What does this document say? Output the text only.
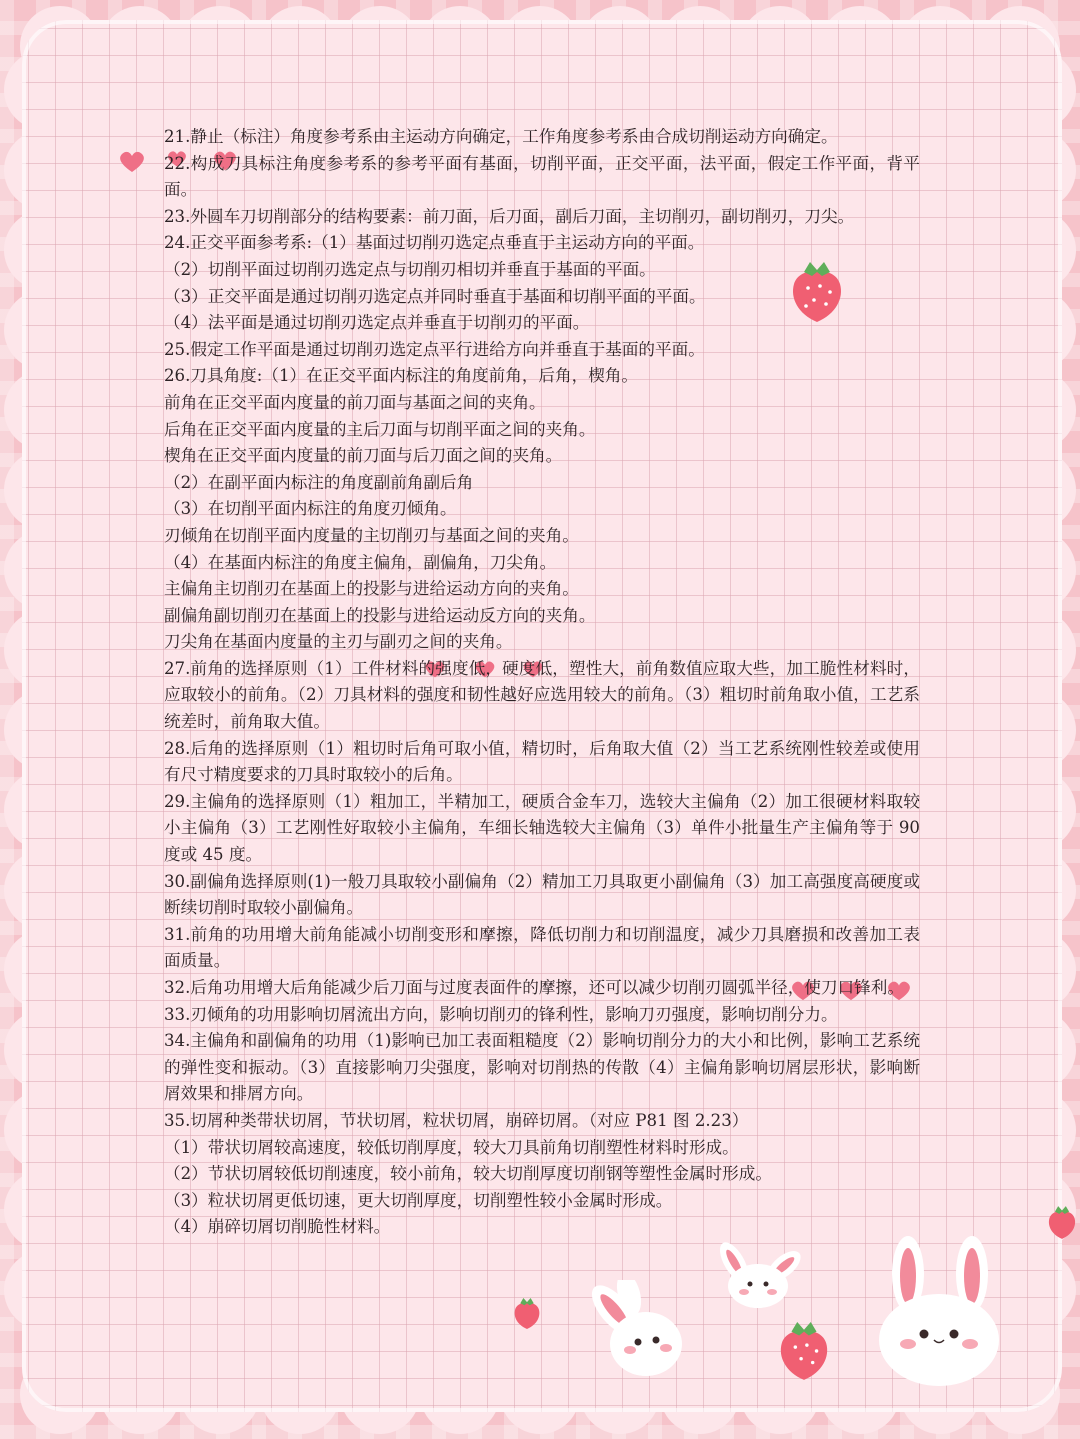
21.静止（标注）角度参考系由主运动方向确定，工作角度参考系由合成切削运动方向确定。

22.构成刀具标注角度参考系的参考平面有基面，切削平面，正交平面，法平面，假定工作平面，背平面。

23.外圆车刀切削部分的结构要素：前刀面，后刀面，副后刀面，主切削刃，副切削刃，刀尖。

24.正交平面参考系:（1）基面过切削刃选定点垂直于主运动方向的平面。

（2）切削平面过切削刃选定点与切削刃相切并垂直于基面的平面。

（3）正交平面是通过切削刃选定点并同时垂直于基面和切削平面的平面。

（4）法平面是通过切削刃选定点并垂直于切削刃的平面。

25.假定工作平面是通过切削刃选定点平行进给方向并垂直于基面的平面。

26.刀具角度:（1）在正交平面内标注的角度前角，后角，楔角。

前角在正交平面内度量的前刀面与基面之间的夹角。

后角在正交平面内度量的主后刀面与切削平面之间的夹角。

楔角在正交平面内度量的前刀面与后刀面之间的夹角。

（2）在副平面内标注的角度副前角副后角

（3）在切削平面内标注的角度刃倾角。

刃倾角在切削平面内度量的主切削刃与基面之间的夹角。

（4）在基面内标注的角度主偏角，副偏角，刀尖角。

主偏角主切削刃在基面上的投影与进给运动方向的夹角。

副偏角副切削刃在基面上的投影与进给运动反方向的夹角。

刀尖角在基面内度量的主刃与副刃之间的夹角。

27.前角的选择原则（1）工件材料的强度低，硬度低，塑性大，前角数值应取大些，加工脆性材料时，应取较小的前角。（2）刀具材料的强度和韧性越好应选用较大的前角。（3）粗切时前角取小值，工艺系统差时，前角取大值。

28.后角的选择原则（1）粗切时后角可取小值，精切时，后角取大值（2）当工艺系统刚性较差或使用有尺寸精度要求的刀具时取较小的后角。

29.主偏角的选择原则（1）粗加工，半精加工，硬质合金车刀，选较大主偏角（2）加工很硬材料取较小主偏角（3）工艺刚性好取较小主偏角，车细长轴选较大主偏角（3）单件小批量生产主偏角等于 90 度或 45 度。

30.副偏角选择原则(1)一般刀具取较小副偏角（2）精加工刀具取更小副偏角（3）加工高强度高硬度或断续切削时取较小副偏角。

31.前角的功用增大前角能减小切削变形和摩擦，降低切削力和切削温度，减少刀具磨损和改善加工表面质量。

32.后角功用增大后角能减少后刀面与过度表面件的摩擦，还可以减少切削刃圆弧半径，使刀口锋利。

33.刃倾角的功用影响切屑流出方向，影响切削刃的锋利性，影响刀刃强度，影响切削分力。

34.主偏角和副偏角的功用（1)影响已加工表面粗糙度（2）影响切削分力的大小和比例，影响工艺系统的弹性变和振动。（3）直接影响刀尖强度，影响对切削热的传散（4）主偏角影响切屑层形状，影响断屑效果和排屑方向。

35.切屑种类带状切屑，节状切屑，粒状切屑，崩碎切屑。（对应 P81 图 2.23）

（1）带状切屑较高速度，较低切削厚度，较大刀具前角切削塑性材料时形成。

（2）节状切屑较低切削速度，较小前角，较大切削厚度切削钢等塑性金属时形成。

（3）粒状切屑更低切速，更大切削厚度，切削塑性较小金属时形成。

（4）崩碎切屑切削脆性材料。
